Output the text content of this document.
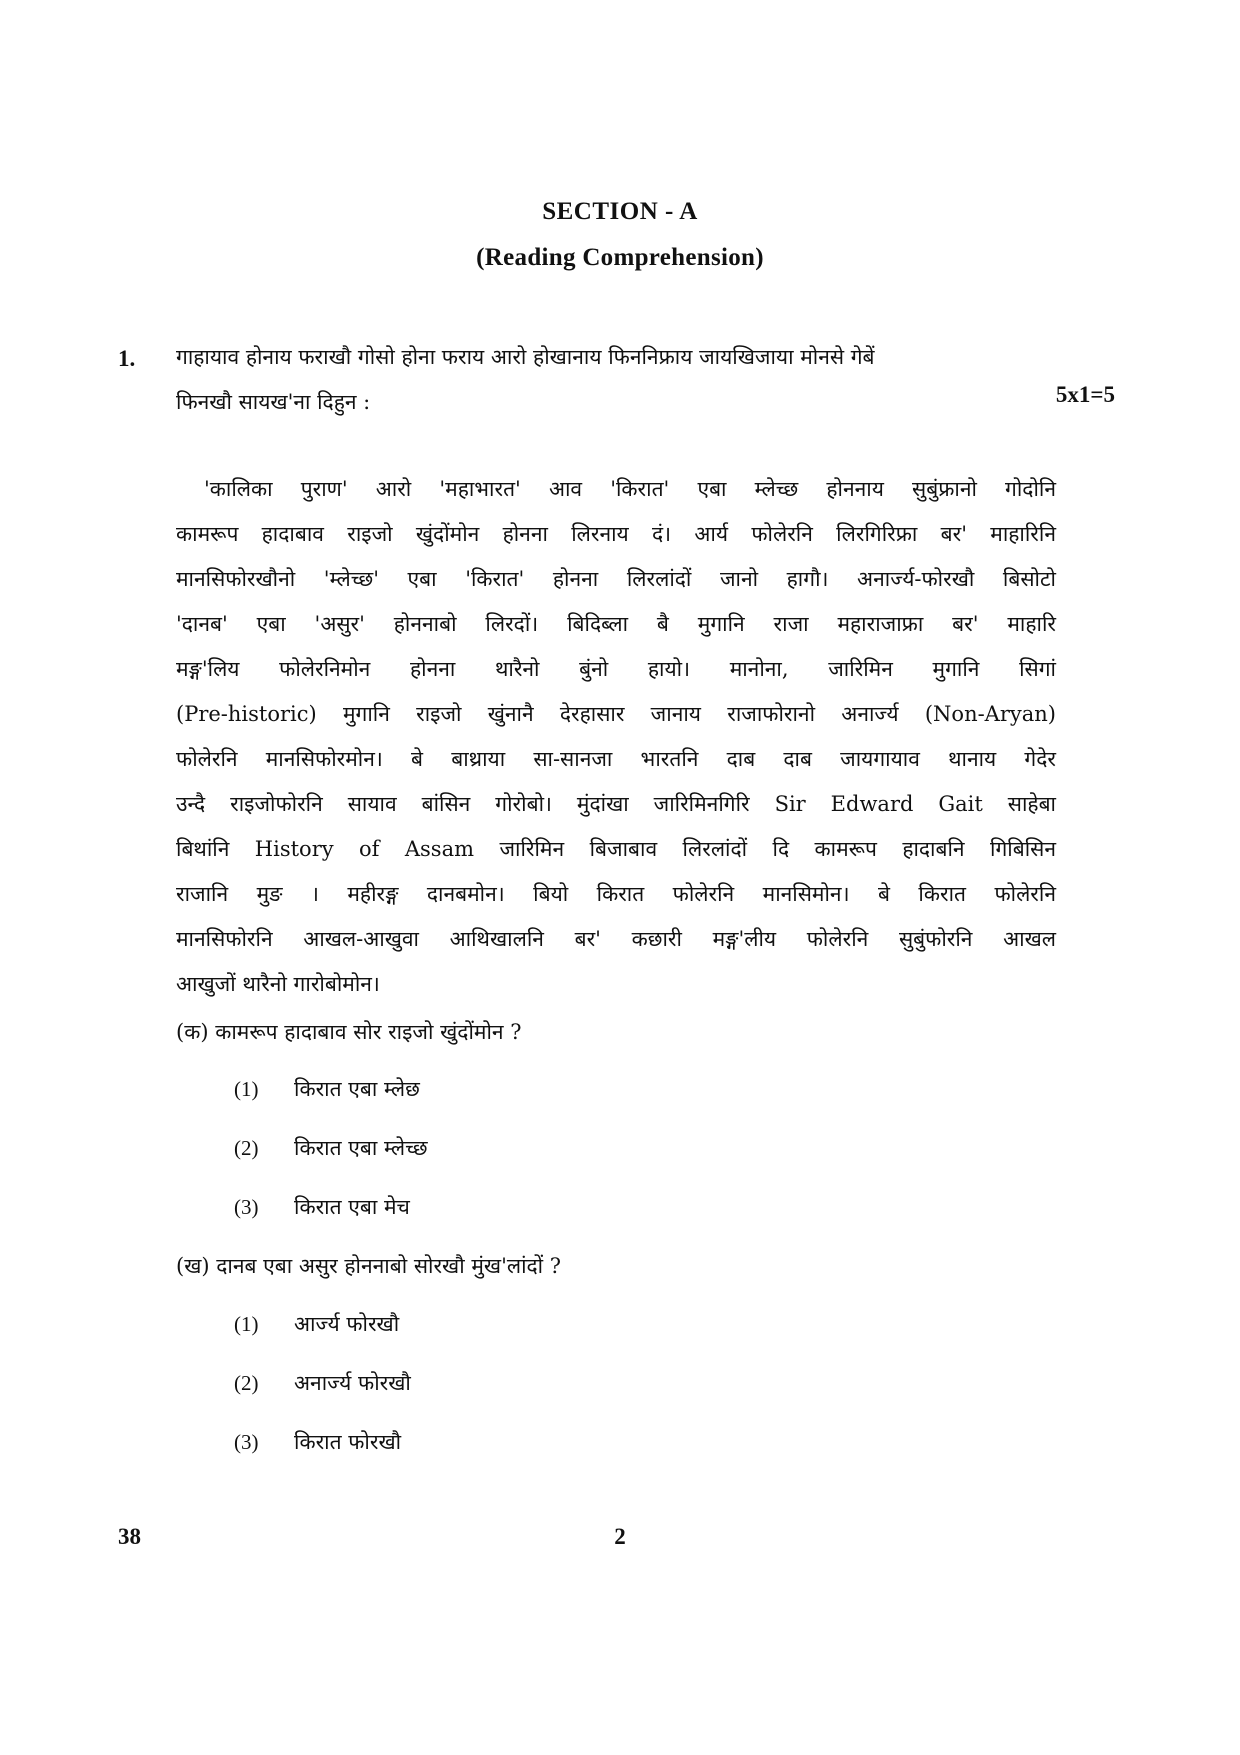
SECTION - A
(Reading Comprehension)
1. गाहायाव होनाय फराखौ गोसो होना फराय आरो होखानाय फिननिफ्राय जायखिजाया मोनसे गेबें
फिनखौ सायख'ना दिहुन :	5x1=5
'कालिका पुराण' आरो 'महाभारत' आव 'किरात' एबा म्लेच्छ होननाय सुबुंफ्रानो गोदोनि
कामरूप हादाबाव राइजो खुंदोंमोन होनना लिरनाय दं। आर्य फोलेरनि लिरगिरिफ्रा बर' माहारिनि
मानसिफोरखौनो 'म्लेच्छ' एबा 'किरात' होनना लिरलांदों जानो हागौ। अनार्ज्य-फोरखौ बिसोटो
'दानब' एबा 'असुर' होननाबो लिरदों। बिदिब्ला बै मुगानि राजा महाराजाफ्रा बर' माहारि
मङ्ग'लिय फोलेरनिमोन होनना थारैनो बुंनो हायो। मानोना, जारिमिन मुगानि सिगां
(Pre-historic) मुगानि राइजो खुंनानै देरहासार जानाय राजाफोरानो अनार्ज्य (Non-Aryan)
फोलेरनि मानसिफोरमोन। बे बाथ्राया सा-सानजा भारतनि दाब दाब जायगायाव थानाय गेदेर
उन्दै राइजोफोरनि सायाव बांसिन गोरोबो। मुंदांखा जारिमिनगिरि Sir Edward Gait साहेबा
बिथांनि History of Assam जारिमिन बिजाबाव लिरलांदों दि कामरूप हादाबनि गिबिसिन
राजानि मुङ । महीरङ्ग दानबमोन। बियो किरात फोलेरनि मानसिमोन। बे किरात फोलेरनि
मानसिफोरनि आखल-आखुवा आथिखालनि बर' कछारी मङ्ग'लीय फोलेरनि सुबुंफोरनि आखल
आखुजों थारैनो गारोबोमोन।
(क) कामरूप हादाबाव सोर राइजो खुंदोंमोन ?
(1) किरात एबा म्लेछ
(2) किरात एबा म्लेच्छ
(3) किरात एबा मेच
(ख) दानब एबा असुर होननाबो सोरखौ मुंख'लांदों ?
(1) आर्ज्य फोरखौ
(2) अनार्ज्य फोरखौ
(3) किरात फोरखौ
38	2
